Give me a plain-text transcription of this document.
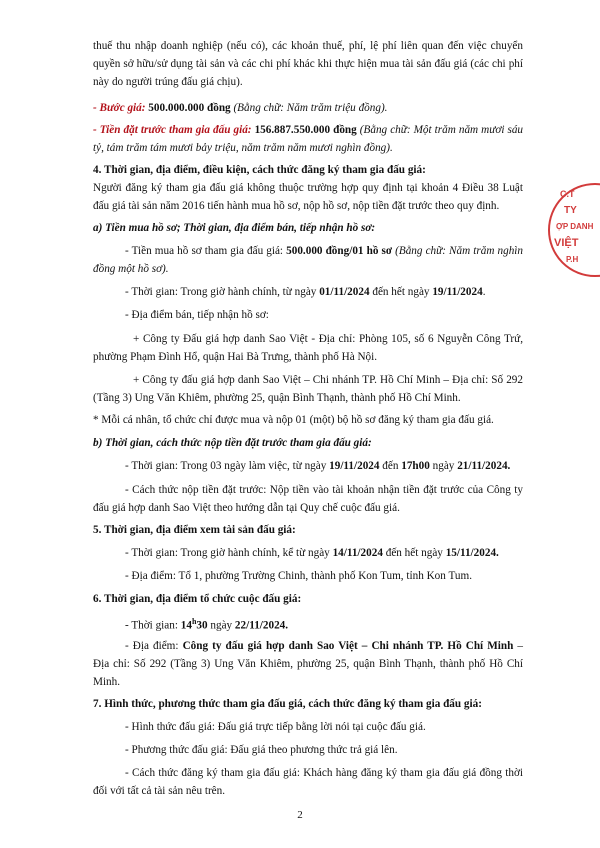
thuế thu nhập doanh nghiệp (nếu có), các khoản thuế, phí, lệ phí liên quan đến việc chuyển
quyền sở hữu/sử dụng tài sản và các chi phí khác khi thực hiện mua tài sản đấu giá (các chi phí
này do người trúng đấu giá chịu).
- Bước giá: 500.000.000 đồng (Bằng chữ: Năm trăm triệu đồng).
- Tiền đặt trước tham gia đấu giá: 156.887.550.000 đồng (Bằng chữ: Một trăm năm mươi sáu
tỷ, tám trăm tám mươi bảy triệu, năm trăm năm mươi nghìn đồng).
4. Thời gian, địa điểm, điều kiện, cách thức đăng ký tham gia đấu giá:
Người đăng ký tham gia đấu giá không thuộc trường hợp quy định tại khoản 4 Điều 38 Luật
đấu giá tài sản năm 2016 tiến hành mua hồ sơ, nộp hồ sơ, nộp tiền đặt trước theo quy định.
a) Tiền mua hồ sơ; Thời gian, địa điểm bán, tiếp nhận hồ sơ:
- Tiền mua hồ sơ tham gia đấu giá: 500.000 đồng/01 hồ sơ (Bằng chữ: Năm trăm nghìn
đồng một hồ sơ).
- Thời gian: Trong giờ hành chính, từ ngày 01/11/2024 đến hết ngày 19/11/2024.
- Địa điểm bán, tiếp nhận hồ sơ:
+ Công ty Đấu giá hợp danh Sao Việt - Địa chỉ: Phòng 105, số 6 Nguyễn Công Trứ,
phường Phạm Đình Hổ, quận Hai Bà Trưng, thành phố Hà Nội.
+ Công ty đấu giá hợp danh Sao Việt – Chi nhánh TP. Hồ Chí Minh – Địa chỉ: Số 292
(Tầng 3) Ung Văn Khiêm, phường 25, quận Bình Thạnh, thành phố Hồ Chí Minh.
* Mỗi cá nhân, tổ chức chỉ được mua và nộp 01 (một) bộ hồ sơ đăng ký tham gia đấu giá.
b) Thời gian, cách thức nộp tiền đặt trước tham gia đấu giá:
- Thời gian: Trong 03 ngày làm việc, từ ngày 19/11/2024 đến 17h00 ngày 21/11/2024.
- Cách thức nộp tiền đặt trước: Nộp tiền vào tài khoản nhận tiền đặt trước của Công ty
đấu giá hợp danh Sao Việt theo hướng dẫn tại Quy chế cuộc đấu giá.
5. Thời gian, địa điểm xem tài sản đấu giá:
- Thời gian: Trong giờ hành chính, kể từ ngày 14/11/2024 đến hết ngày 15/11/2024.
- Địa điểm: Tổ 1, phường Trường Chinh, thành phố Kon Tum, tỉnh Kon Tum.
6. Thời gian, địa điểm tổ chức cuộc đấu giá:
- Thời gian: 14$^h$30 ngày 22/11/2024.
- Địa điểm: Công ty đấu giá hợp danh Sao Việt – Chi nhánh TP. Hồ Chí Minh –
Địa chỉ: Số 292 (Tầng 3) Ung Văn Khiêm, phường 25, quận Bình Thạnh, thành phố Hồ Chí
Minh.
7. Hình thức, phương thức tham gia đấu giá, cách thức đăng ký tham gia đấu giá:
- Hình thức đấu giá: Đấu giá trực tiếp bằng lời nói tại cuộc đấu giá.
- Phương thức đấu giá: Đấu giá theo phương thức trả giá lên.
- Cách thức đăng ký tham gia đấu giá: Khách hàng đăng ký tham gia đấu giá đồng thời
đối với tất cả tài sản nêu trên.
2
C.T
TY
ỢP DANH
VIỆT
P.H
